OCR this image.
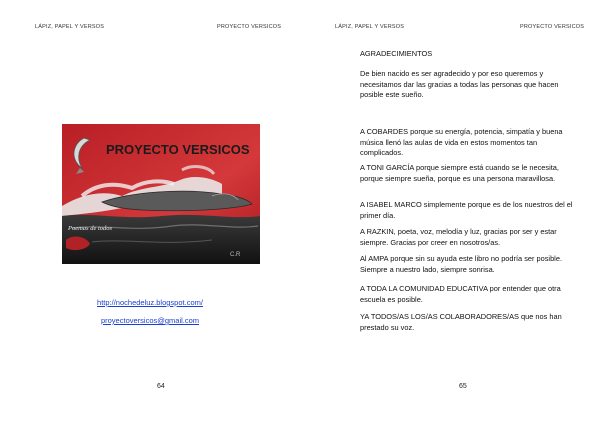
LÁPIZ, PAPEL Y VERSOS	PROYECTO VERSICOS
PROYECTO VERSICOS
Poemas de todos
C.R
http://nochedeluz.blogspot.com/
proyectoversicos@gmail.com
64
LÁPIZ, PAPEL Y VERSOS	PROYECTO VERSICOS
65
AGRADECIMIENTOS
De bien nacido es ser agradecido y por eso queremos y necesitamos dar las gracias a todas las personas que hacen posible este sueño.
A COBARDES porque su energía, potencia, simpatía y buena música llenó las aulas de vida en estos momentos tan complicados.
A TONI GARCÍA porque siempre está cuando se le necesita, porque siempre sueña, porque es una persona maravillosa.
A ISABEL MARCO simplemente porque es de los nuestros del el primer día.
A RAZKIN, poeta, voz, melodía y luz, gracias por ser y estar siempre. Gracias por creer en nosotros/as.
Al AMPA porque sin su ayuda este libro no podría ser posible. Siempre a nuestro lado, siempre sonrisa.
A TODA LA COMUNIDAD EDUCATIVA por entender que otra escuela es posible.
YA TODOS/AS LOS/AS COLABORADORES/AS que nos han prestado su voz.
